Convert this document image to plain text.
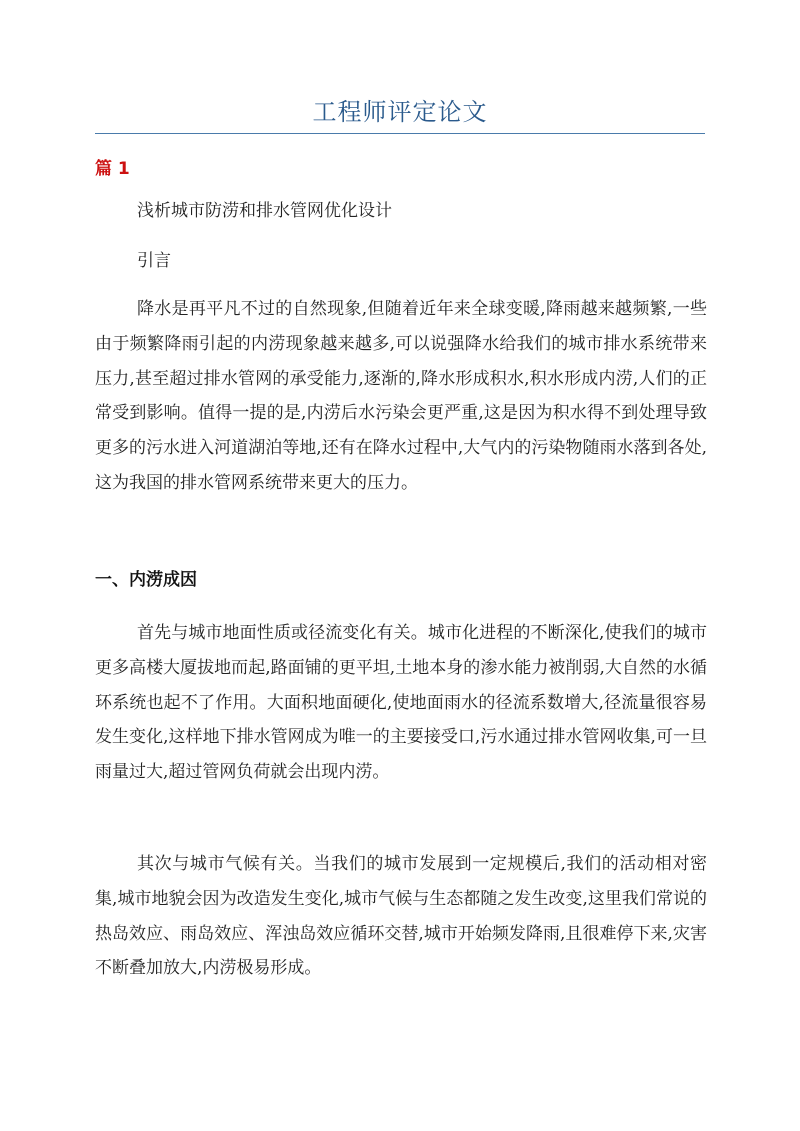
工程师评定论文
篇 1
浅析城市防涝和排水管网优化设计
引言
降水是再平凡不过的自然现象,但随着近年来全球变暖,降雨越来越频繁,一些由于频繁降雨引起的内涝现象越来越多,可以说强降水给我们的城市排水系统带来压力,甚至超过排水管网的承受能力,逐渐的,降水形成积水,积水形成内涝,人们的正常受到影响。值得一提的是,内涝后水污染会更严重,这是因为积水得不到处理导致更多的污水进入河道湖泊等地,还有在降水过程中,大气内的污染物随雨水落到各处,这为我国的排水管网系统带来更大的压力。
一、内涝成因
首先与城市地面性质或径流变化有关。城市化进程的不断深化,使我们的城市更多高楼大厦拔地而起,路面铺的更平坦,土地本身的渗水能力被削弱,大自然的水循环系统也起不了作用。大面积地面硬化,使地面雨水的径流系数增大,径流量很容易发生变化,这样地下排水管网成为唯一的主要接受口,污水通过排水管网收集,可一旦雨量过大,超过管网负荷就会出现内涝。
其次与城市气候有关。当我们的城市发展到一定规模后,我们的活动相对密集,城市地貌会因为改造发生变化,城市气候与生态都随之发生改变,这里我们常说的热岛效应、雨岛效应、浑浊岛效应循环交替,城市开始频发降雨,且很难停下来,灾害不断叠加放大,内涝极易形成。
